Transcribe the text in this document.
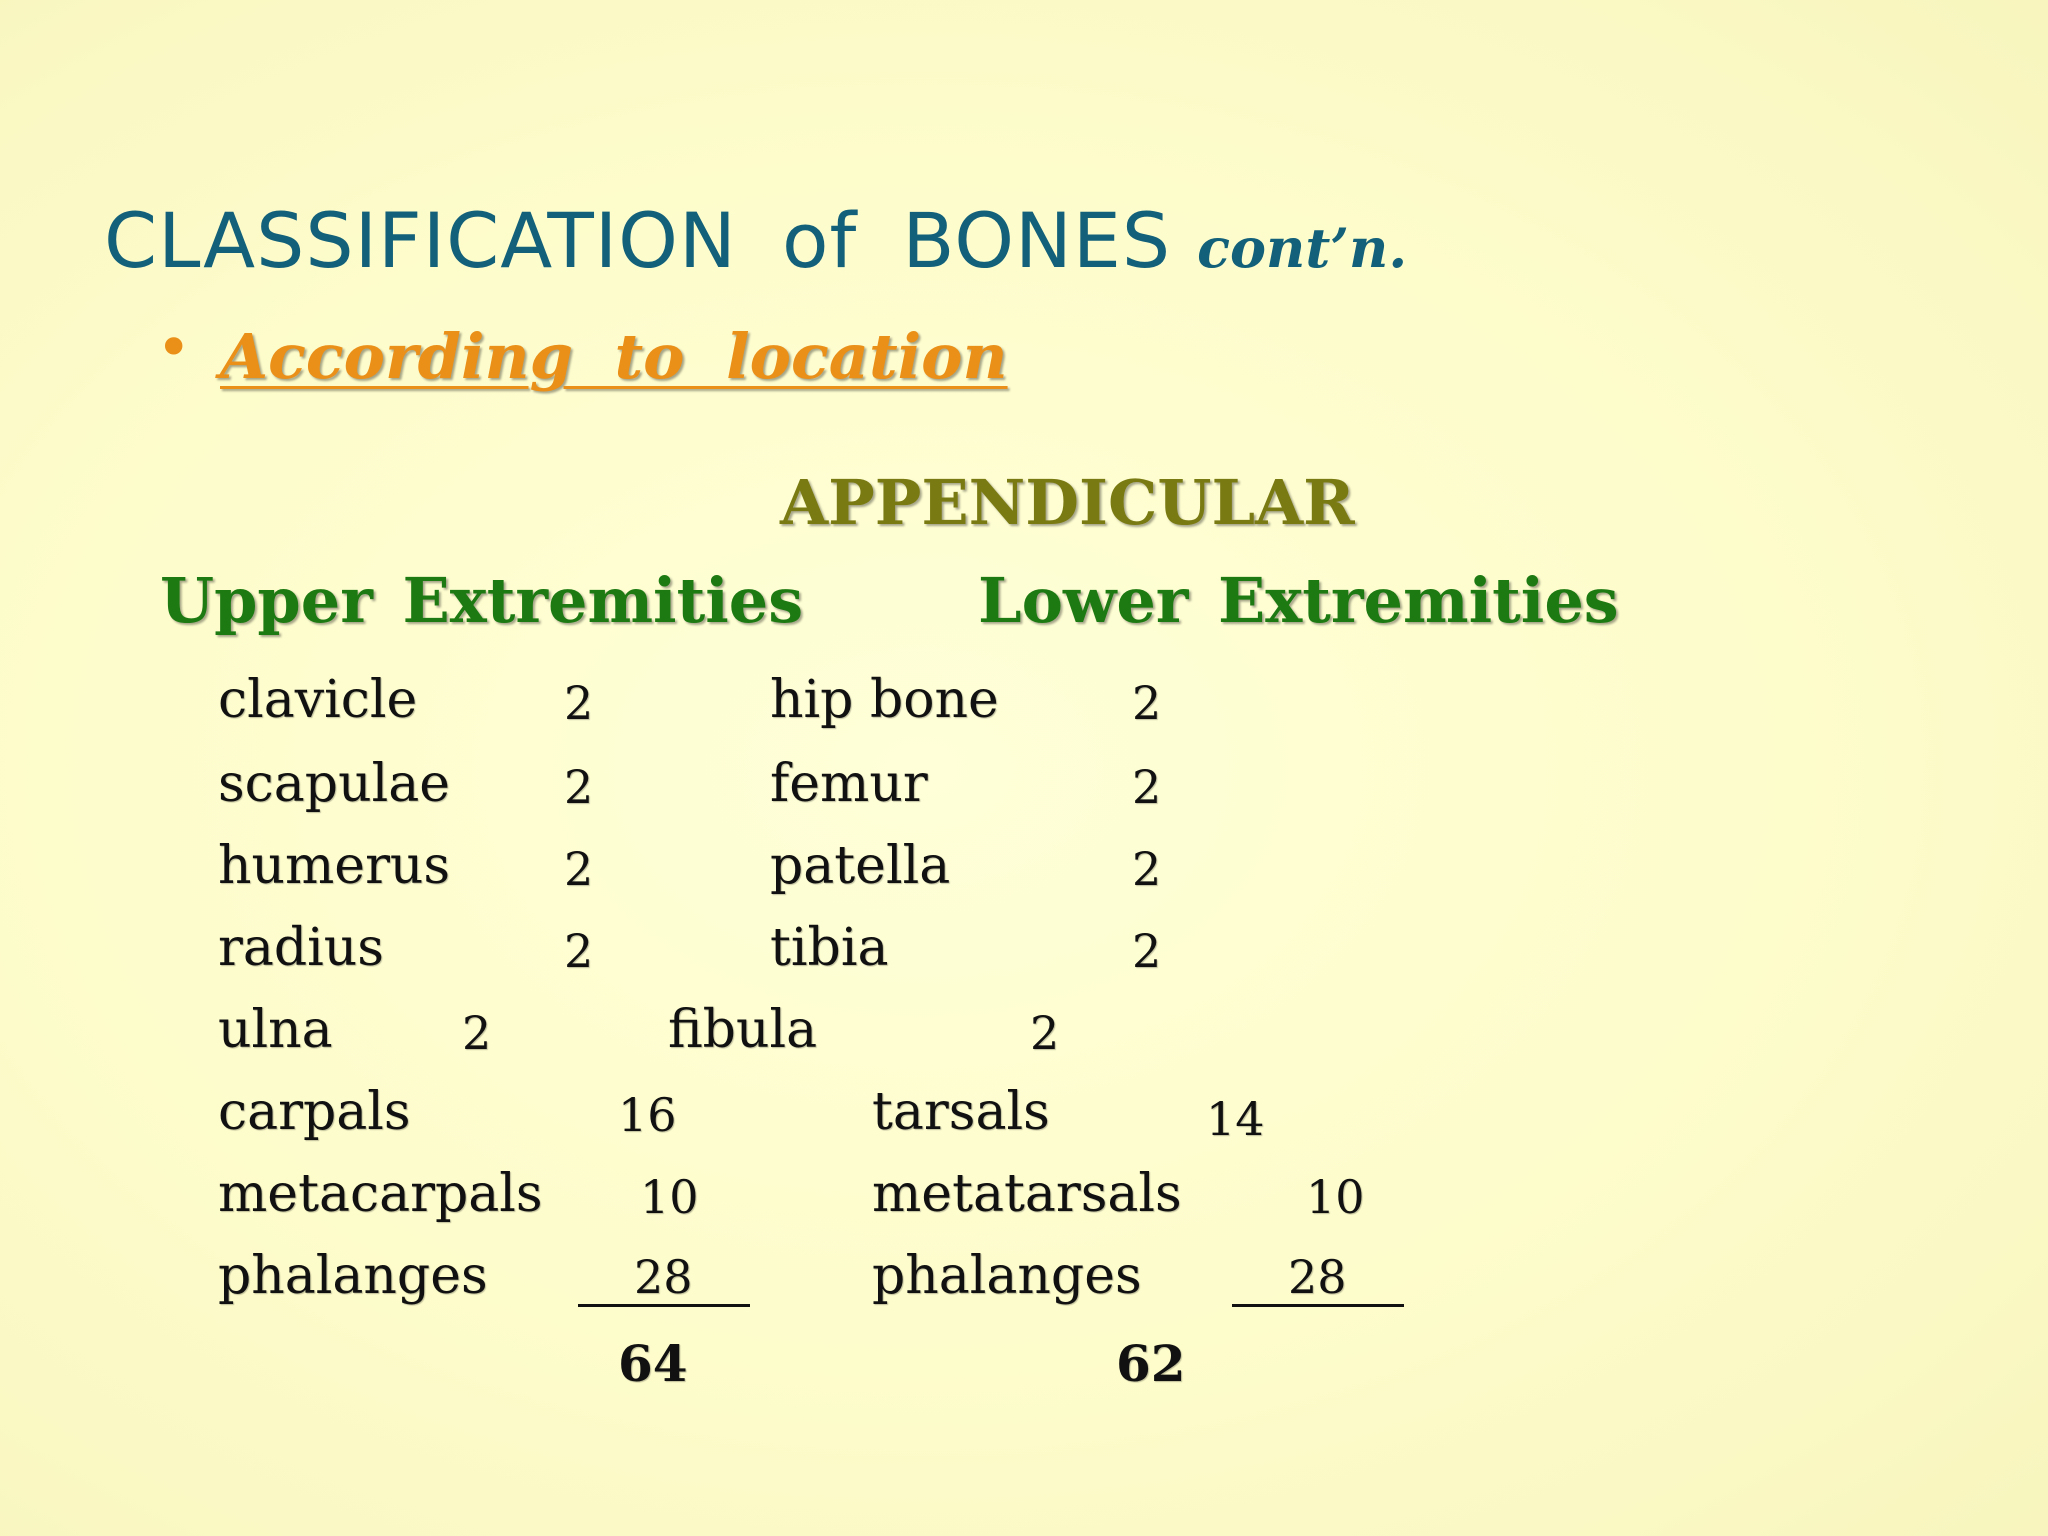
CLASSIFICATION of BONES cont’n.
• According to location
APPENDICULAR
Upper Extremities	Lower Extremities
clavicle	2
scapulae 2
humerus 2
radius	2
ulna	2
carpals	16
metacarpals 10
phalanges	28
64
hip bone	2
femur	2
patella	2
tibia	2
fibula	2
tarsals	14
metatarsals	10
phalanges	28
62
